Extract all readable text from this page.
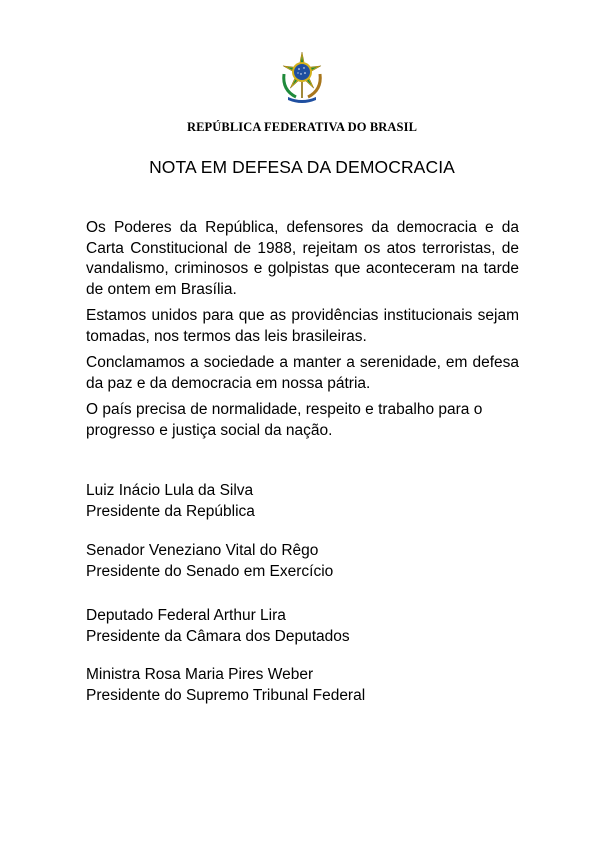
REPÚBLICA FEDERATIVA DO BRASIL
NOTA EM DEFESA DA DEMOCRACIA

Os Poderes da República, defensores da democracia e da Carta Constitucional de 1988, rejeitam os atos terroristas, de vandalismo, criminosos e golpistas que aconteceram na tarde de ontem em Brasília.

Estamos unidos para que as providências institucionais sejam tomadas, nos termos das leis brasileiras.

Conclamamos a sociedade a manter a serenidade, em defesa da paz e da democracia em nossa pátria.

O país precisa de normalidade, respeito e trabalho para o progresso e justiça social da nação.

Luiz Inácio Lula da Silva
Presidente da República
Senador Veneziano Vital do Rêgo
Presidente do Senado em Exercício
Deputado Federal Arthur Lira
Presidente da Câmara dos Deputados
Ministra Rosa Maria Pires Weber
Presidente do Supremo Tribunal Federal
